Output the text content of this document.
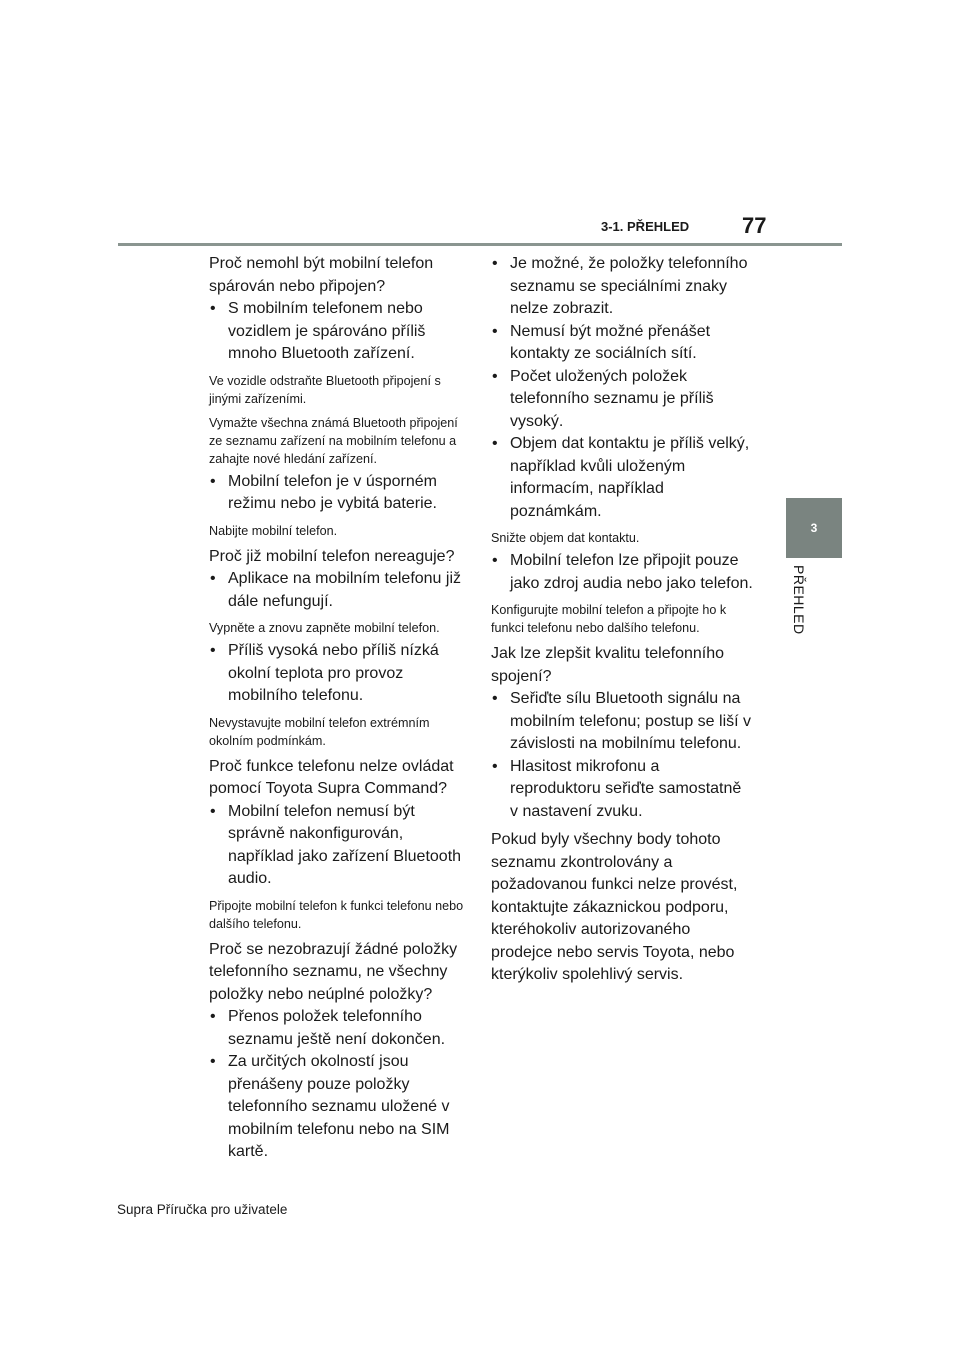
3-1. PŘEHLED 77
3
PŘEHLED

Proč nemohl být mobilní telefon spárován nebo připojen?

• S mobilním telefonem nebo vozidlem je spárováno příliš mnoho Bluetooth zařízení.

Ve vozidle odstraňte Bluetooth připojení s jinými zařízeními.

Vymažte všechna známá Bluetooth připojení ze seznamu zařízení na mobilním telefonu a zahajte nové hledání zařízení.

• Mobilní telefon je v úsporném režimu nebo je vybitá baterie.

Nabijte mobilní telefon.

Proč již mobilní telefon nereaguje?

• Aplikace na mobilním telefonu již dále nefungují.

Vypněte a znovu zapněte mobilní telefon.

• Příliš vysoká nebo příliš nízká okolní teplota pro provoz mobilního telefonu.

Nevystavujte mobilní telefon extrémním okolním podmínkám.

Proč funkce telefonu nelze ovládat pomocí Toyota Supra Command?

• Mobilní telefon nemusí být správně nakonfigurován, například jako zařízení Bluetooth audio.

Připojte mobilní telefon k funkci telefonu nebo dalšího telefonu.

Proč se nezobrazují žádné položky telefonního seznamu, ne všechny položky nebo neúplné položky?

• Přenos položek telefonního seznamu ještě není dokončen.

• Za určitých okolností jsou přenášeny pouze položky telefonního seznamu uložené v mobilním telefonu nebo na SIM kartě.

• Je možné, že položky telefonního seznamu se speciálními znaky nelze zobrazit.

• Nemusí být možné přenášet kontakty ze sociálních sítí.

• Počet uložených položek telefonního seznamu je příliš vysoký.

• Objem dat kontaktu je příliš velký, například kvůli uloženým informacím, například poznámkám.

Snižte objem dat kontaktu.

• Mobilní telefon lze připojit pouze jako zdroj audia nebo jako telefon.

Konfigurujte mobilní telefon a připojte ho k funkci telefonu nebo dalšího telefonu.

Jak lze zlepšit kvalitu telefonního spojení?

• Seřiďte sílu Bluetooth signálu na mobilním telefonu; postup se liší v závislosti na mobilnímu telefonu.

• Hlasitost mikrofonu a reproduktoru seřiďte samostatně v nastavení zvuku.

Pokud byly všechny body tohoto seznamu zkontrolovány a požadovanou funkci nelze provést, kontaktujte zákaznickou podporu, kteréhokoliv autorizovaného prodejce nebo servis Toyota, nebo kterýkoliv spolehlivý servis.

Supra Příručka pro uživatele
